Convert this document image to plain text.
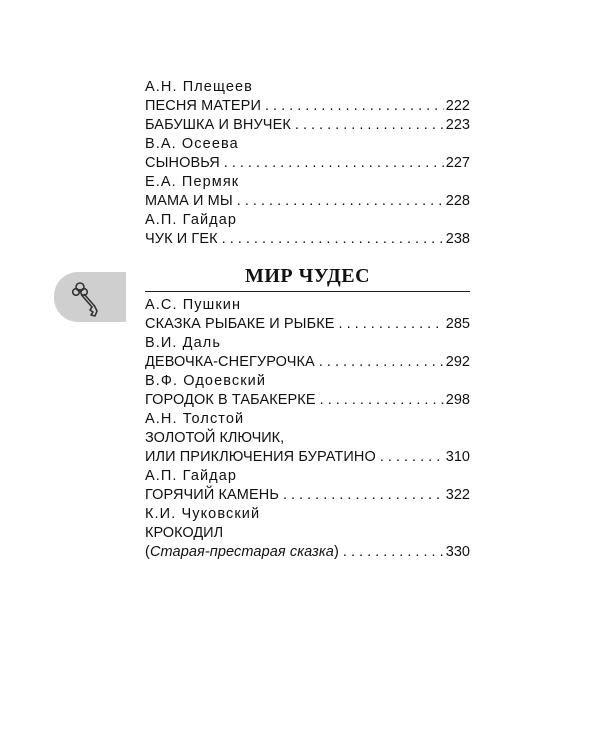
А.Н. Плещеев
ПЕСНЯ МАТЕРИ . . .	222
БАБУШКА И ВНУЧЕК . . .	223
В.А. Осеева
СЫНОВЬЯ . . .	227
Е.А. Пермяк
МАМА И МЫ . . .	228
А.П. Гайдар
ЧУК И ГЕК . . .	238
МИР ЧУДЕС
А.С. Пушкин
СКАЗКА РЫБАКЕ И РЫБКЕ . . .	285
В.И. Даль
ДЕВОЧКА-СНЕГУРОЧКА . . .	292
В.Ф. Одоевский
ГОРОДОК В ТАБАКЕРКЕ . . .	298
А.Н. Толстой
ЗОЛОТОЙ КЛЮЧИК,
ИЛИ ПРИКЛЮЧЕНИЯ БУРАТИНО . . .	310
А.П. Гайдар
ГОРЯЧИЙ КАМЕНЬ . . .	322
К.И. Чуковский
КРОКОДИЛ
(Старая-престарая сказка) . . .	330
